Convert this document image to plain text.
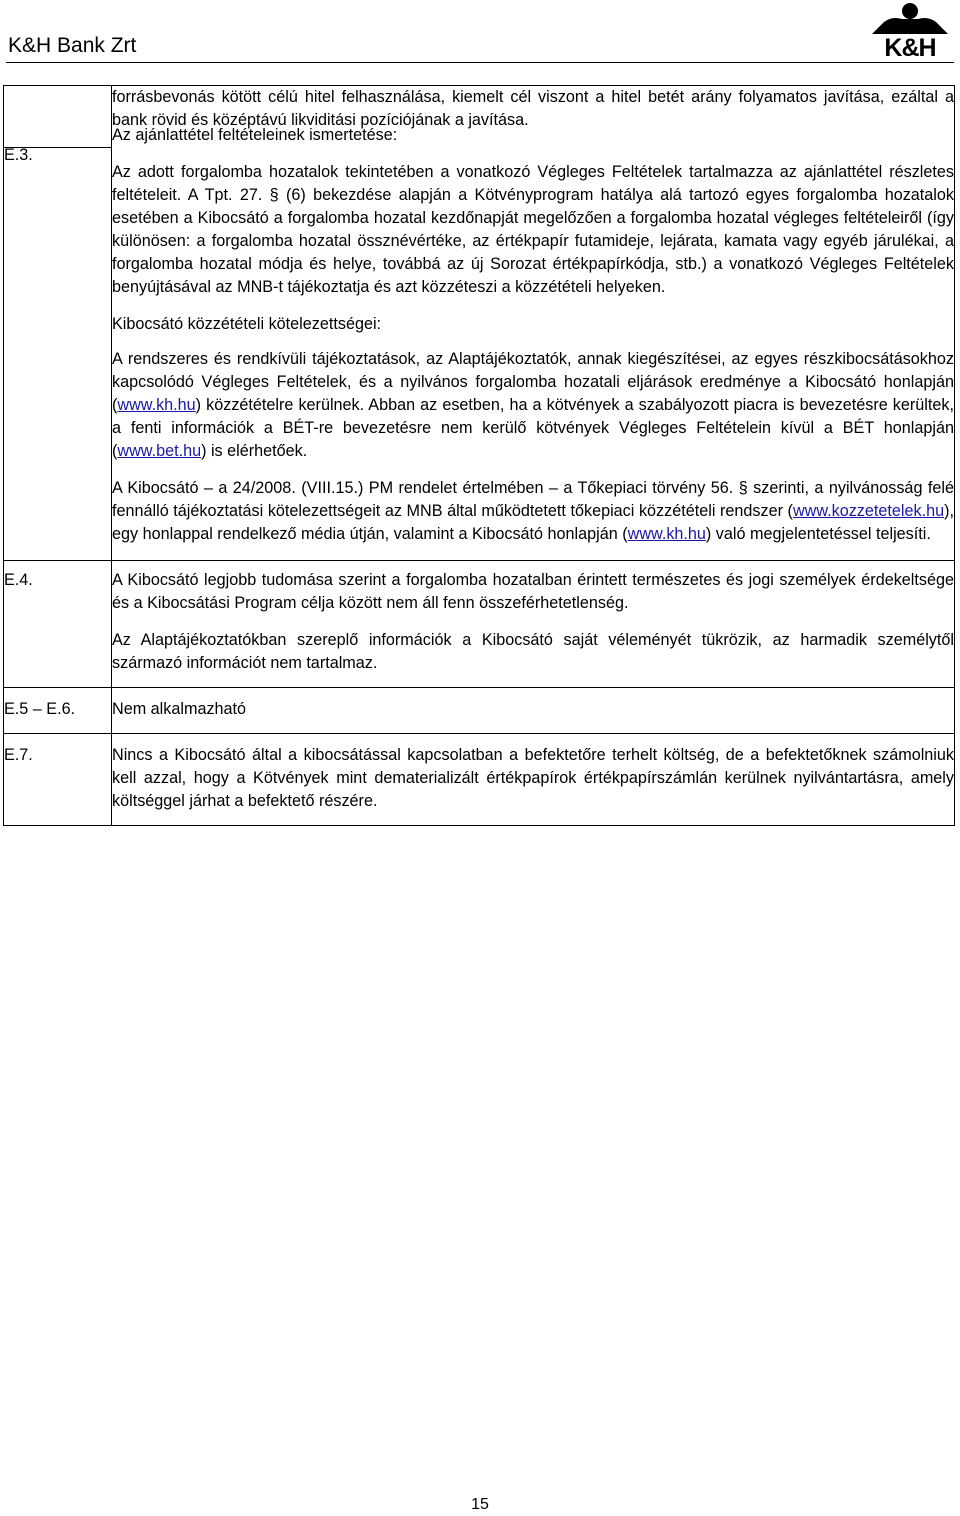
K&H Bank Zrt	K&H

	forrásbevonás kötött célú hitel felhasználása, kiemelt cél viszont a hitel betét arány folyamatos javítása, ezáltal a bank rövid és középtávú likviditási pozíciójának a javítása.

E.3.	Az ajánlattétel feltételeinek ismertetése:

Az adott forgalomba hozatalok tekintetében a vonatkozó Végleges Feltételek tartalmazza az ajánlattétel részletes feltételeit. A Tpt. 27. § (6) bekezdése alapján a Kötvényprogram hatálya alá tartozó egyes forgalomba hozatalok esetében a Kibocsátó a forgalomba hozatal kezdőnapját megelőzően a forgalomba hozatal végleges feltételeiről (így különösen: a forgalomba hozatal össznévértéke, az értékpapír futamideje, lejárata, kamata vagy egyéb járulékai, a forgalomba hozatal módja és helye, továbbá az új Sorozat értékpapírkódja, stb.) a vonatkozó Végleges Feltételek benyújtásával az MNB-t tájékoztatja és azt közzéteszi a közzétételi helyeken.

Kibocsátó közzétételi kötelezettségei:

A rendszeres és rendkívüli tájékoztatások, az Alaptájékoztatók, annak kiegészítései, az egyes részkibocsátásokhoz kapcsolódó Végleges Feltételek, és a nyilvános forgalomba hozatali eljárások eredménye a Kibocsátó honlapján (www.kh.hu) közzétételre kerülnek. Abban az esetben, ha a kötvények a szabályozott piacra is bevezetésre kerültek, a fenti információk a BÉT-re bevezetésre nem kerülő kötvények Végleges Feltételein kívül a BÉT honlapján (www.bet.hu) is elérhetőek.

A Kibocsátó – a 24/2008. (VIII.15.) PM rendelet értelmében – a Tőkepiaci törvény 56. § szerinti, a nyilvánosság felé fennálló tájékoztatási kötelezettségeit az MNB által működtetett tőkepiaci közzétételi rendszer (www.kozzetetelek.hu), egy honlappal rendelkező média útján, valamint a Kibocsátó honlapján (www.kh.hu) való megjelentetéssel teljesíti.

E.4.	A Kibocsátó legjobb tudomása szerint a forgalomba hozatalban érintett természetes és jogi személyek érdekeltsége és a Kibocsátási Program célja között nem áll fenn összeférhetetlenség.

Az Alaptájékoztatókban szereplő információk a Kibocsátó saját véleményét tükrözik, az harmadik személytől származó információt nem tartalmaz.

E.5 – E.6.	Nem alkalmazható

E.7.	Nincs a Kibocsátó által a kibocsátással kapcsolatban a befektetőre terhelt költség, de a befektetőknek számolniuk kell azzal, hogy a Kötvények mint dematerializált értékpapírok értékpapírszámlán kerülnek nyilvántartásra, amely költséggel járhat a befektető részére.

15
